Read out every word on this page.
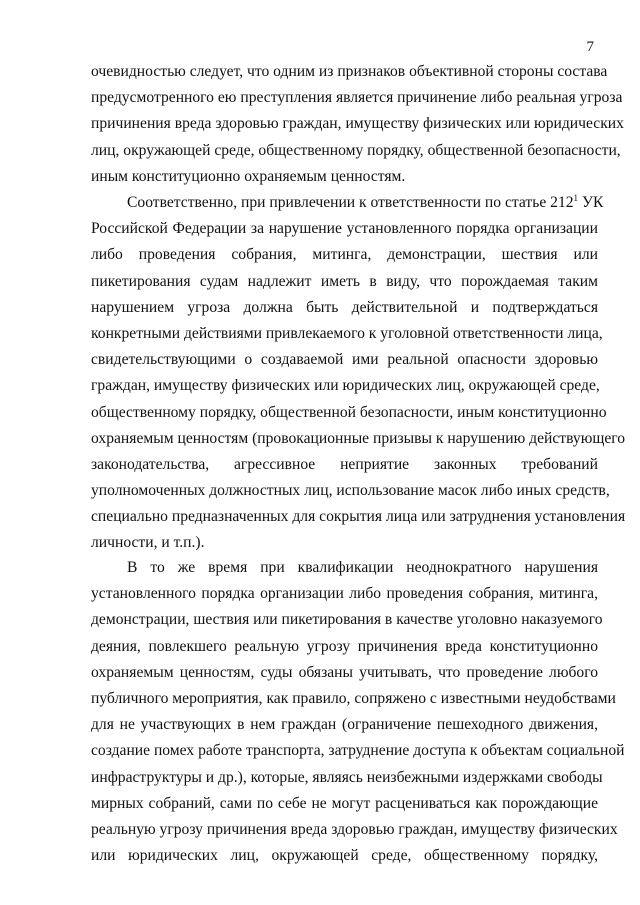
7
очевидностью следует, что одним из признаков объективной стороны состава
предусмотренного ею преступления является причинение либо реальная угроза
причинения вреда здоровью граждан, имуществу физических или юридических
лиц, окружающей среде, общественному порядку, общественной безопасности,
иным конституционно охраняемым ценностям.
Соответственно, при привлечении к ответственности по статье $212^1$ УК
Российской Федерации за нарушение установленного порядка организации
либо проведения собрания, митинга, демонстрации, шествия или
пикетирования судам надлежит иметь в виду, что порождаемая таким
нарушением угроза должна быть действительной и подтверждаться
конкретными действиями привлекаемого к уголовной ответственности лица,
свидетельствующими о создаваемой ими реальной опасности здоровью
граждан, имуществу физических или юридических лиц, окружающей среде,
общественному порядку, общественной безопасности, иным конституционно
охраняемым ценностям (провокационные призывы к нарушению действующего
законодательства, агрессивное неприятие законных требований
уполномоченных должностных лиц, использование масок либо иных средств,
специально предназначенных для сокрытия лица или затруднения установления
личности, и т.п.).
В то же время при квалификации неоднократного нарушения
установленного порядка организации либо проведения собрания, митинга,
демонстрации, шествия или пикетирования в качестве уголовно наказуемого
деяния, повлекшего реальную угрозу причинения вреда конституционно
охраняемым ценностям, суды обязаны учитывать, что проведение любого
публичного мероприятия, как правило, сопряжено с известными неудобствами
для не участвующих в нем граждан (ограничение пешеходного движения,
создание помех работе транспорта, затруднение доступа к объектам социальной
инфраструктуры и др.), которые, являясь неизбежными издержками свободы
мирных собраний, сами по себе не могут расцениваться как порождающие
реальную угрозу причинения вреда здоровью граждан, имуществу физических
или юридических лиц, окружающей среде, общественному порядку,
